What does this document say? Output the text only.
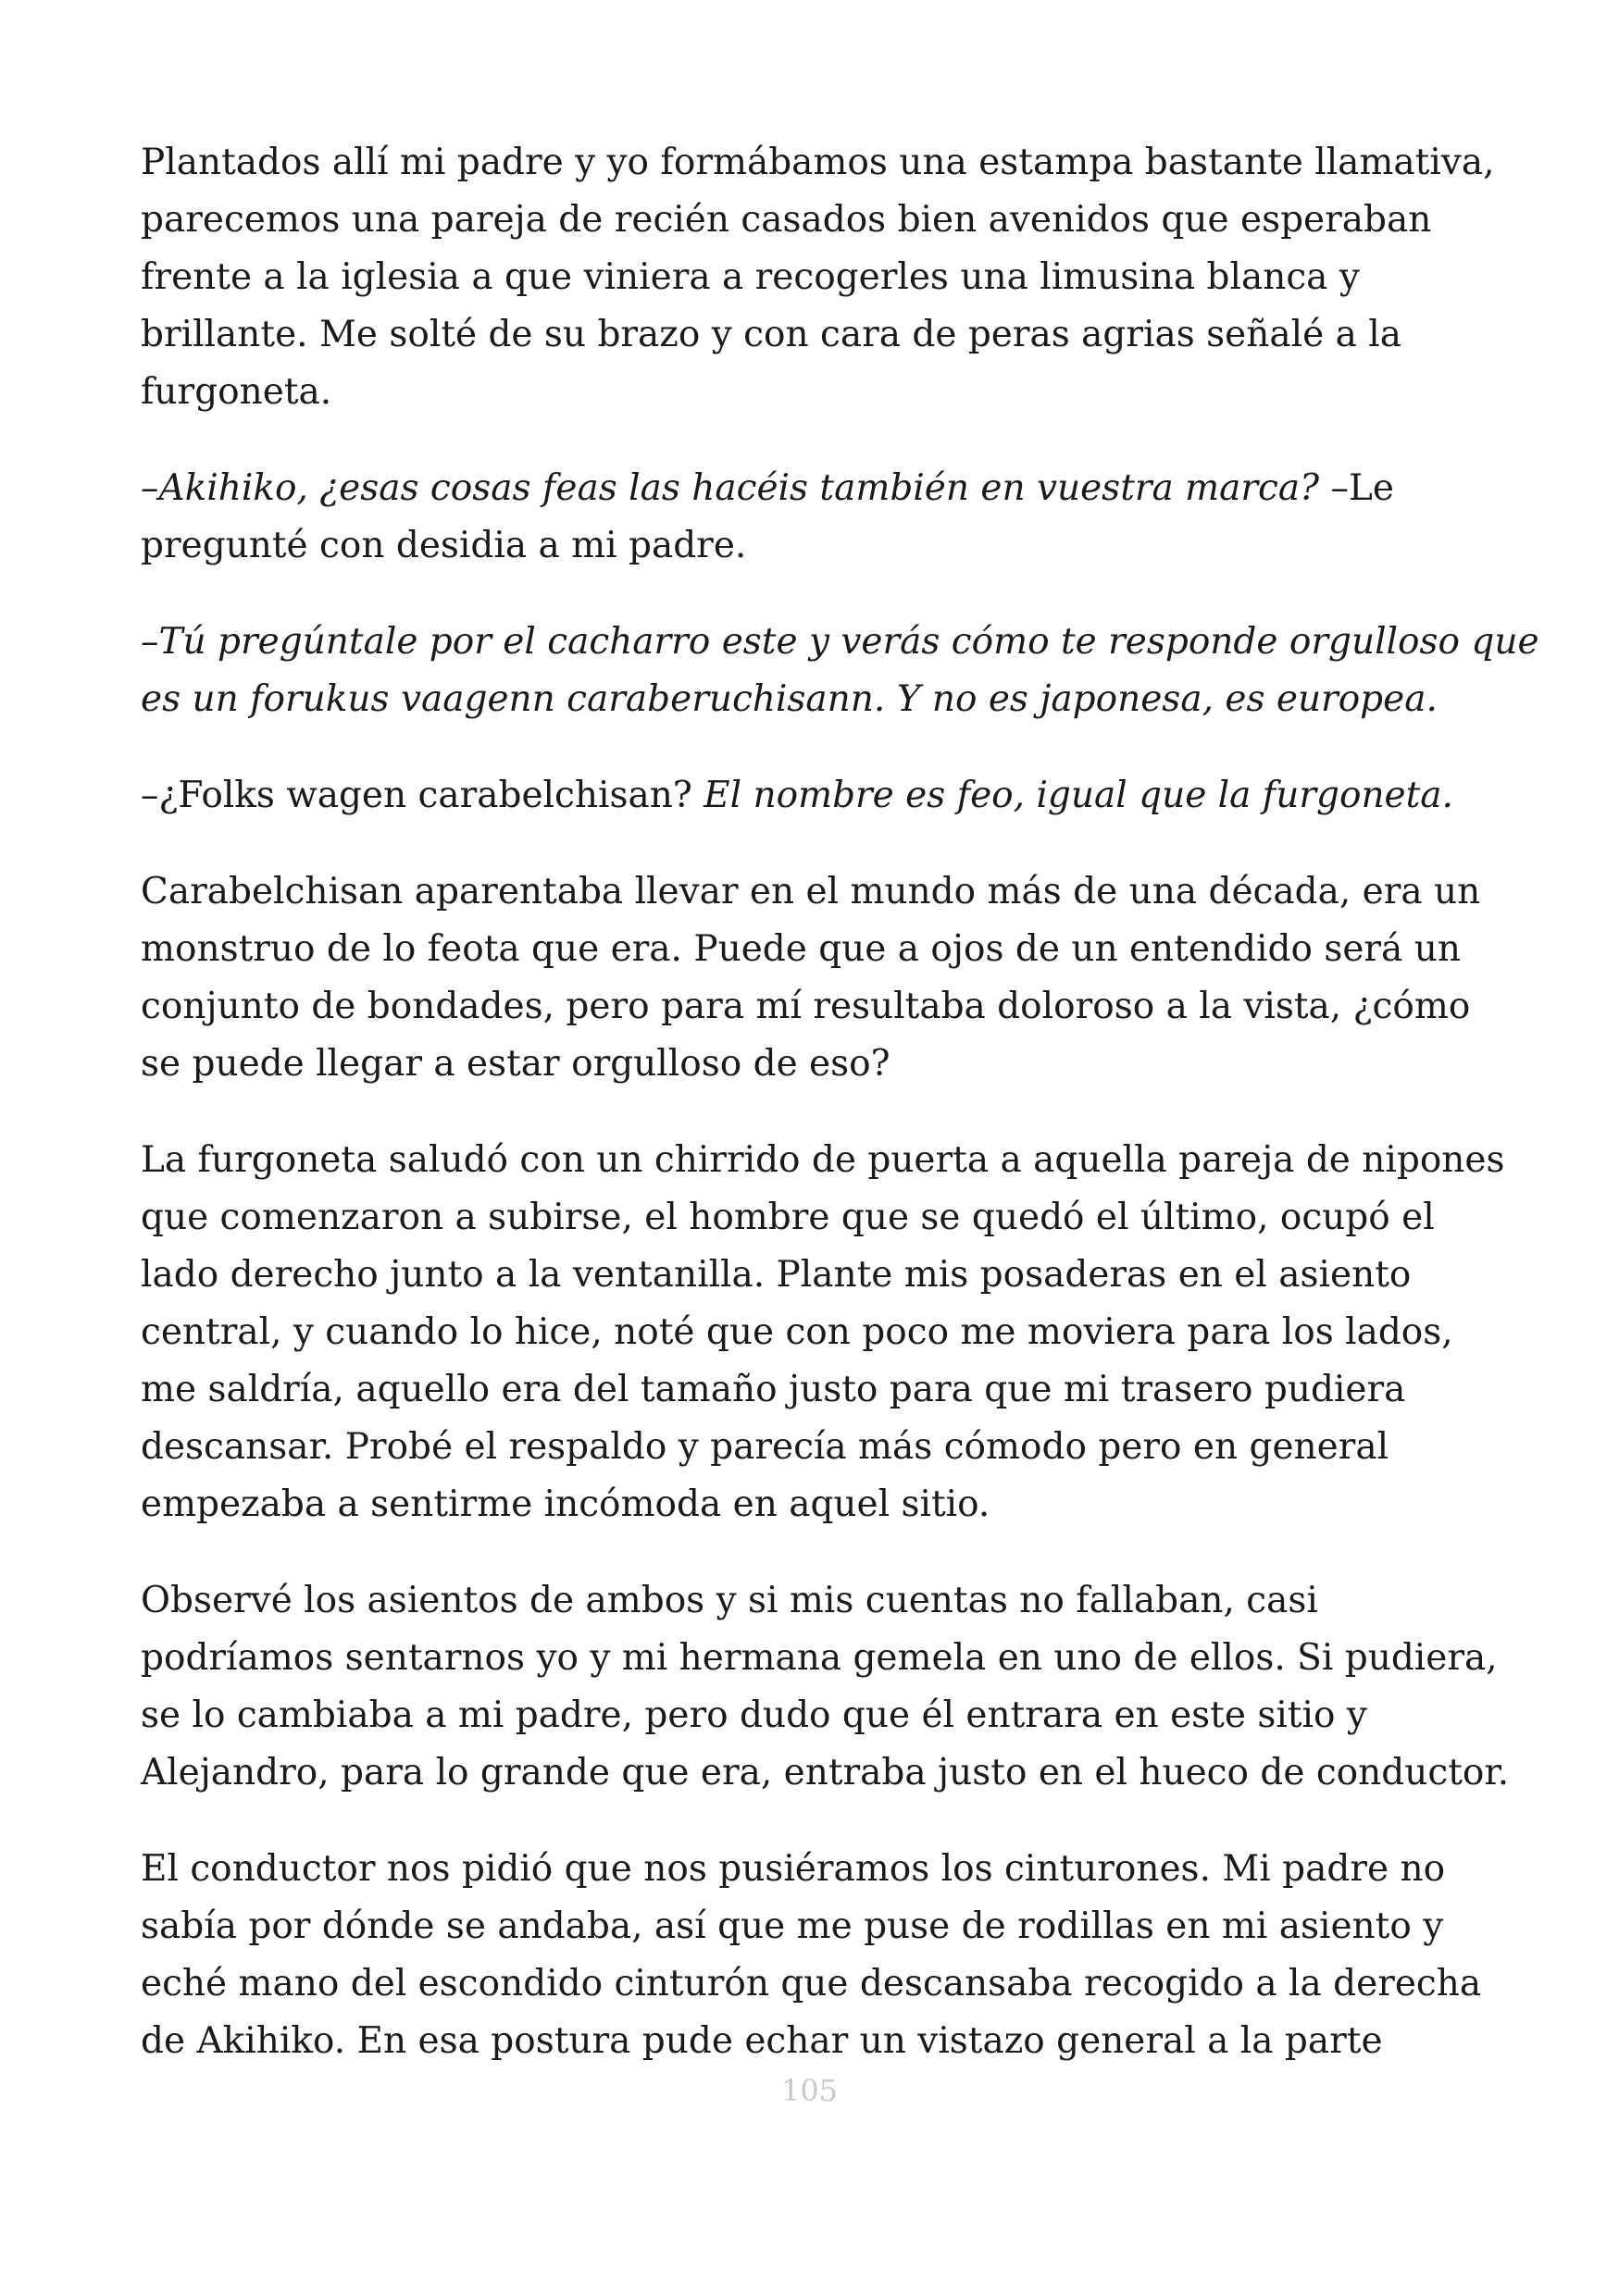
Plantados allí mi padre y yo formábamos una estampa bastante llamativa,
parecemos una pareja de recién casados bien avenidos que esperaban
frente a la iglesia a que viniera a recogerles una limusina blanca y
brillante. Me solté de su brazo y con cara de peras agrias señalé a la
furgoneta.

–Akihiko, ¿esas cosas feas las hacéis también en vuestra marca? –Le
pregunté con desidia a mi padre.

–Tú pregúntale por el cacharro este y verás cómo te responde orgulloso que
es un forukus vaagenn caraberuchisann. Y no es japonesa, es europea.

–¿Folks wagen carabelchisan? El nombre es feo, igual que la furgoneta.

Carabelchisan aparentaba llevar en el mundo más de una década, era un
monstruo de lo feota que era. Puede que a ojos de un entendido será un
conjunto de bondades, pero para mí resultaba doloroso a la vista, ¿cómo
se puede llegar a estar orgulloso de eso?

La furgoneta saludó con un chirrido de puerta a aquella pareja de nipones
que comenzaron a subirse, el hombre que se quedó el último, ocupó el
lado derecho junto a la ventanilla. Plante mis posaderas en el asiento
central, y cuando lo hice, noté que con poco me moviera para los lados,
me saldría, aquello era del tamaño justo para que mi trasero pudiera
descansar. Probé el respaldo y parecía más cómodo pero en general
empezaba a sentirme incómoda en aquel sitio.

Observé los asientos de ambos y si mis cuentas no fallaban, casi
podríamos sentarnos yo y mi hermana gemela en uno de ellos. Si pudiera,
se lo cambiaba a mi padre, pero dudo que él entrara en este sitio y
Alejandro, para lo grande que era, entraba justo en el hueco de conductor.

El conductor nos pidió que nos pusiéramos los cinturones. Mi padre no
sabía por dónde se andaba, así que me puse de rodillas en mi asiento y
eché mano del escondido cinturón que descansaba recogido a la derecha
de Akihiko. En esa postura pude echar un vistazo general a la parte

105
